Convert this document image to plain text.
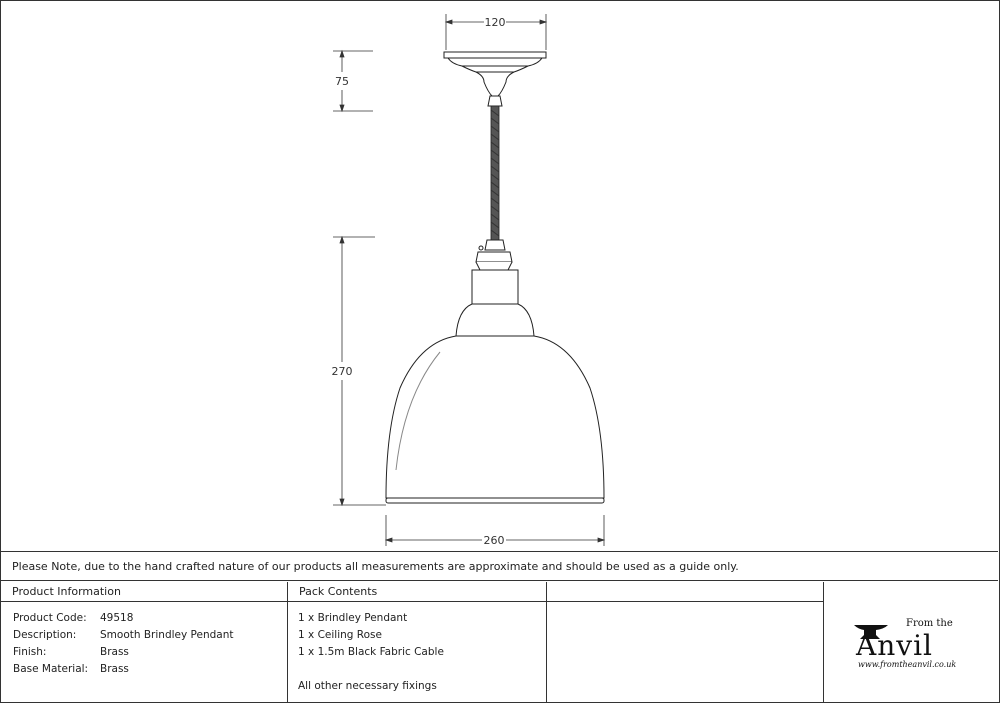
120
75
270
260
Please Note, due to the hand crafted nature of our products all measurements are approximate and should be used as a guide only.
Product Information	Pack Contents
Product Code: 49518
Description: Smooth Brindley Pendant
Finish:	Brass
Base Material: Brass
1 x Brindley Pendant
1 x Ceiling Rose
1 x 1.5m Black Fabric Cable
All other necessary fixings
From the
Anvil
www.fromtheanvil.co.uk
